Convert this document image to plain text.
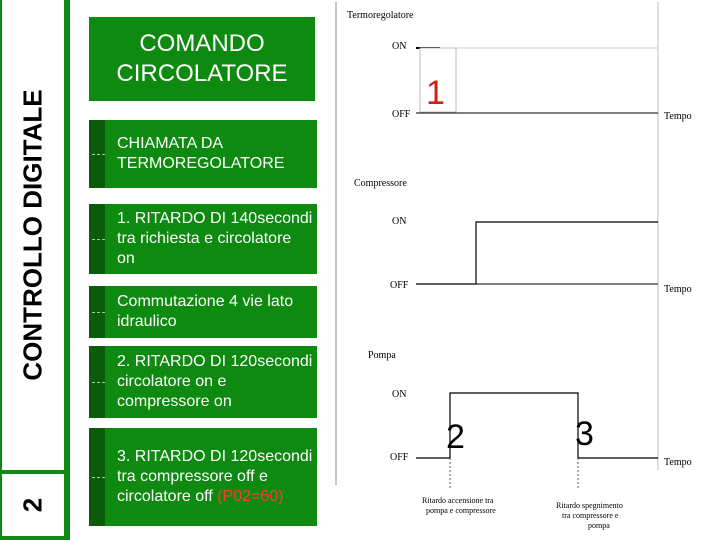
CONTROLLO DIGITALE
2
COMANDO
CIRCOLATORE
CHIAMATA DA TERMOREGOLATORE
1. RITARDO DI 140secondi tra richiesta e circolatore on
Commutazione 4 vie lato idraulico
2. RITARDO DI 120secondi circolatore on e compressore on
3. RITARDO DI 120secondi tra compressore off e circolatore off (P02=60)
Termoregolatore
ON
OFF
1
Tempo
Compressore
ON
OFF	Tempo
Pompa
ON
OFF	Tempo
2	3
Ritardo accensione tra
pompa e compressore
Ritardo spegnimento
tra compressore e
pompa
